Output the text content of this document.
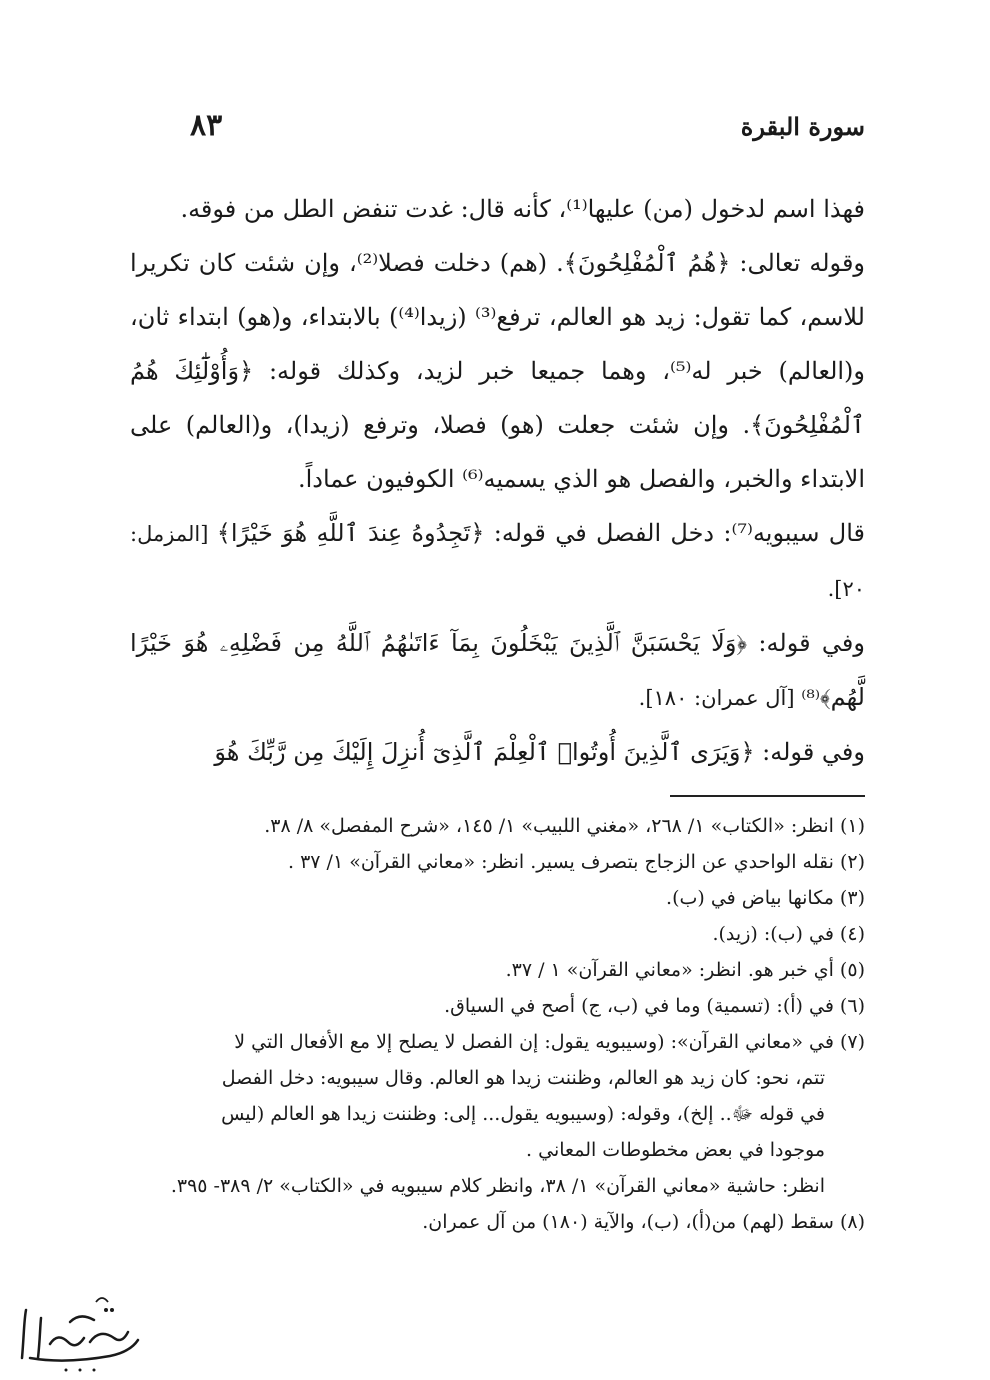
سورة البقرة
٨٣

فهذا اسم لدخول (من) عليها⁽¹⁾، كأنه قال: غدت تنفض الطل من فوقه.

وقوله تعالى: ﴿هُمُ ٱلْمُفْلِحُونَ﴾. (هم) دخلت فصلا⁽²⁾، وإن شئت كان تكريرا للاسم، كما تقول: زيد هو العالم، ترفع⁽³⁾ (زيدا⁽⁴⁾) بالابتداء، و(هو) ابتداء ثان، و(العالم) خبر له⁽⁵⁾، وهما جميعا خبر لزيد، وكذلك قوله: ﴿وَأُوْلَٰٓئِكَ هُمُ ٱلْمُفْلِحُونَ﴾. وإن شئت جعلت (هو) فصلا، وترفع (زيدا)، و(العالم) على الابتداء والخبر، والفصل هو الذي يسميه⁽⁶⁾ الكوفيون عماداً.

قال سيبويه⁽⁷⁾: دخل الفصل في قوله: ﴿تَجِدُوهُ عِندَ ٱللَّهِ هُوَ خَيْرًا﴾ [المزمل: ٢٠].

وفي قوله: ﴿وَلَا يَحْسَبَنَّ ٱلَّذِينَ يَبْخَلُونَ بِمَآ ءَاتَىٰهُمُ ٱللَّهُ مِن فَضْلِهِۦ هُوَ خَيْرًا لَّهُم﴾⁽⁸⁾ [آل عمران: ١٨٠].

وفي قوله: ﴿وَيَرَى ٱلَّذِينَ أُوتُوا۟ ٱلْعِلْمَ ٱلَّذِىٓ أُنزِلَ إِلَيْكَ مِن رَّبِّكَ هُوَ

(١) انظر: «الكتاب» ١/ ٢٦٨، «مغني اللبيب» ١/ ١٤٥، «شرح المفصل» ٨/ ٣٨.

(٢) نقله الواحدي عن الزجاج بتصرف يسير. انظر: «معاني القرآن» ١/ ٣٧ .

(٣) مكانها بياض في (ب).

(٤) في (ب): (زيد).

(٥) أي خبر هو. انظر: «معاني القرآن» ١ / ٣٧.

(٦) في (أ): (تسمية) وما في (ب، ج) أصح في السياق.

(٧) في «معاني القرآن»: (وسيبويه يقول: إن الفصل لا يصلح إلا مع الأفعال التي لا

تتم، نحو: كان زيد هو العالم، وظننت زيدا هو العالم. وقال سيبويه: دخل الفصل

في قوله ﷻ.. إلخ)، وقوله: (وسيبويه يقول... إلى: وظننت زيدا هو العالم (ليس

موجودا في بعض مخطوطات المعاني .

انظر: حاشية «معاني القرآن» ١/ ٣٨، وانظر كلام سيبويه في «الكتاب» ٢/ ٣٨٩- ٣٩٥.

(٨) سقط (لهم) من(أ)، (ب)، والآية (١٨٠) من آل عمران.
